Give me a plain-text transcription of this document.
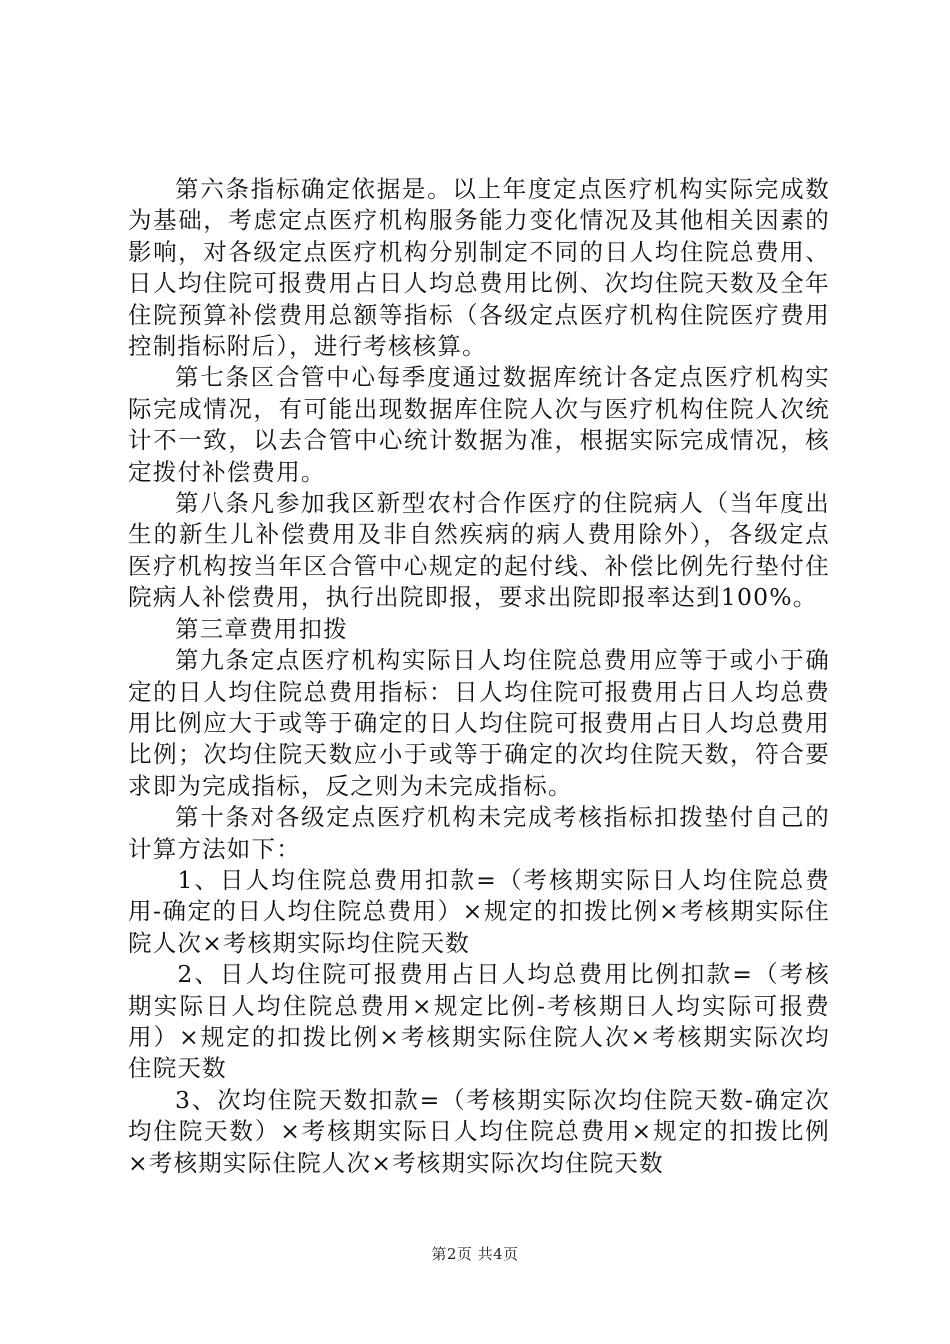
第六条指标确定依据是。以上年度定点医疗机构实际完成数为基础，考虑定点医疗机构服务能力变化情况及其他相关因素的影响，对各级定点医疗机构分别制定不同的日人均住院总费用、日人均住院可报费用占日人均总费用比例、次均住院天数及全年住院预算补偿费用总额等指标（各级定点医疗机构住院医疗费用控制指标附后），进行考核核算。

第七条区合管中心每季度通过数据库统计各定点医疗机构实际完成情况，有可能出现数据库住院人次与医疗机构住院人次统计不一致，以去合管中心统计数据为准，根据实际完成情况，核定拨付补偿费用。

第八条凡参加我区新型农村合作医疗的住院病人（当年度出生的新生儿补偿费用及非自然疾病的病人费用除外），各级定点医疗机构按当年区合管中心规定的起付线、补偿比例先行垫付住院病人补偿费用，执行出院即报，要求出院即报率达到100%。

第三章费用扣拨

第九条定点医疗机构实际日人均住院总费用应等于或小于确定的日人均住院总费用指标：日人均住院可报费用占日人均总费用比例应大于或等于确定的日人均住院可报费用占日人均总费用比例；次均住院天数应小于或等于确定的次均住院天数，符合要求即为完成指标，反之则为未完成指标。

第十条对各级定点医疗机构未完成考核指标扣拨垫付自己的计算方法如下：

1、日人均住院总费用扣款=（考核期实际日人均住院总费用-确定的日人均住院总费用）×规定的扣拨比例×考核期实际住院人次×考核期实际均住院天数

2、日人均住院可报费用占日人均总费用比例扣款=（考核期实际日人均住院总费用×规定比例-考核期日人均实际可报费用）×规定的扣拨比例×考核期实际住院人次×考核期实际次均住院天数

3、次均住院天数扣款=（考核期实际次均住院天数-确定次均住院天数）×考核期实际日人均住院总费用×规定的扣拨比例×考核期实际住院人次×考核期实际次均住院天数

第2页 共4页
